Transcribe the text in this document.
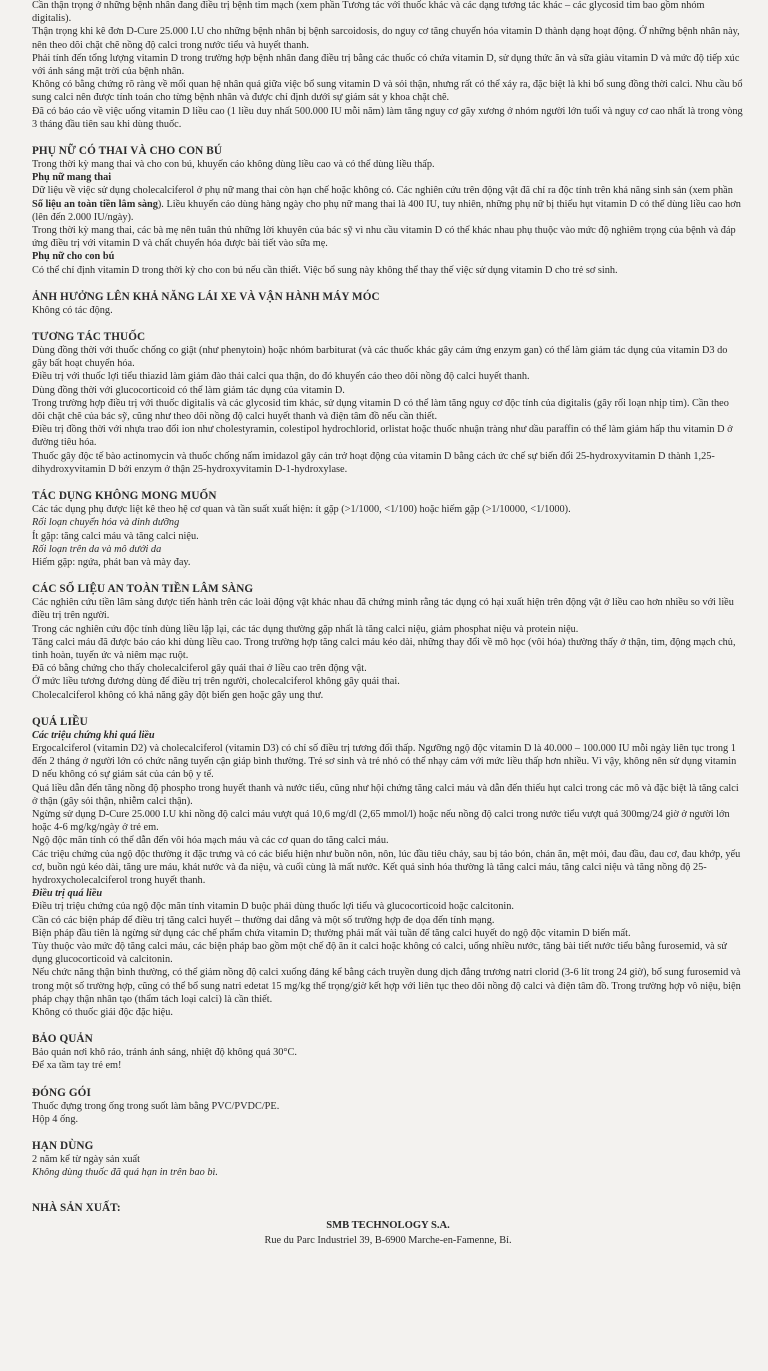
Cần thận trọng ở những bệnh nhân đang điều trị bệnh tim mạch (xem phần Tương tác với thuốc khác và các dạng tương tác khác – các glycosid tim bao gồm nhóm digitalis).

Thận trọng khi kê đơn D-Cure 25.000 I.U cho những bệnh nhân bị bệnh sarcoidosis, do nguy cơ tăng chuyển hóa vitamin D thành dạng hoạt động. Ở những bệnh nhân này, nên theo dõi chặt chẽ nồng độ calci trong nước tiểu và huyết thanh.

Phải tính đến tổng lượng vitamin D trong trường hợp bệnh nhân đang điều trị bằng các thuốc có chứa vitamin D, sử dụng thức ăn và sữa giàu vitamin D và mức độ tiếp xúc với ánh sáng mặt trời của bệnh nhân.

Không có bằng chứng rõ ràng về mối quan hệ nhân quả giữa việc bổ sung vitamin D và sỏi thận, nhưng rất có thể xảy ra, đặc biệt là khi bổ sung đồng thời calci. Nhu cầu bổ sung calci nên được tính toán cho từng bệnh nhân và được chỉ định dưới sự giám sát y khoa chặt chẽ.

Đã có báo cáo về việc uống vitamin D liều cao (1 liều duy nhất 500.000 IU mỗi năm) làm tăng nguy cơ gãy xương ở nhóm người lớn tuổi và nguy cơ cao nhất là trong vòng 3 tháng đầu tiên sau khi dùng thuốc.

PHỤ NỮ CÓ THAI VÀ CHO CON BÚ

Trong thời kỳ mang thai và cho con bú, khuyến cáo không dùng liều cao và có thể dùng liều thấp.

Phụ nữ mang thai

Dữ liệu về việc sử dụng cholecalciferol ở phụ nữ mang thai còn hạn chế hoặc không có. Các nghiên cứu trên động vật đã chỉ ra độc tính trên khả năng sinh sản (xem phần Số liệu an toàn tiền lâm sàng). Liều khuyến cáo dùng hàng ngày cho phụ nữ mang thai là 400 IU, tuy nhiên, những phụ nữ bị thiếu hụt vitamin D có thể dùng liều cao hơn (lên đến 2.000 IU/ngày).

Trong thời kỳ mang thai, các bà mẹ nên tuân thủ những lời khuyên của bác sỹ vì nhu cầu vitamin D có thể khác nhau phụ thuộc vào mức độ nghiêm trọng của bệnh và đáp ứng điều trị với vitamin D và chất chuyển hóa được bài tiết vào sữa mẹ.

Phụ nữ cho con bú

Có thể chỉ định vitamin D trong thời kỳ cho con bú nếu cần thiết. Việc bổ sung này không thể thay thế việc sử dụng vitamin D cho trẻ sơ sinh.

ẢNH HƯỞNG LÊN KHẢ NĂNG LÁI XE VÀ VẬN HÀNH MÁY MÓC

Không có tác động.

TƯƠNG TÁC THUỐC

Dùng đồng thời với thuốc chống co giật (như phenytoin) hoặc nhóm barbiturat (và các thuốc khác gây cảm ứng enzym gan) có thể làm giảm tác dụng của vitamin D3 do gây bất hoạt chuyển hóa.

Điều trị với thuốc lợi tiểu thiazid làm giảm đào thải calci qua thận, do đó khuyến cáo theo dõi nồng độ calci huyết thanh.

Dùng đồng thời với glucocorticoid có thể làm giảm tác dụng của vitamin D.

Trong trường hợp điều trị với thuốc digitalis và các glycosid tim khác, sử dụng vitamin D có thể làm tăng nguy cơ độc tính của digitalis (gây rối loạn nhịp tim). Cần theo dõi chặt chẽ của bác sỹ, cũng như theo dõi nồng độ calci huyết thanh và điện tâm đồ nếu cần thiết.

Điều trị đồng thời với nhựa trao đổi ion như cholestyramin, colestipol hydrochlorid, orlistat hoặc thuốc nhuận tràng như dầu paraffin có thể làm giảm hấp thu vitamin D ở đường tiêu hóa.

Thuốc gây độc tế bào actinomycin và thuốc chống nấm imidazol gây cản trở hoạt động của vitamin D bằng cách ức chế sự biến đổi 25-hydroxyvitamin D thành 1,25-dihydroxyvitamin D bởi enzym ở thận 25-hydroxyvitamin D-1-hydroxylase.

TÁC DỤNG KHÔNG MONG MUỐN

Các tác dụng phụ được liệt kê theo hệ cơ quan và tần suất xuất hiện: ít gặp (>1/1000, <1/100) hoặc hiếm gặp (>1/10000, <1/1000).

Rối loạn chuyển hóa và dinh dưỡng

Ít gặp: tăng calci máu và tăng calci niệu.

Rối loạn trên da và mô dưới da

Hiếm gặp: ngứa, phát ban và mày đay.

CÁC SỐ LIỆU AN TOÀN TIỀN LÂM SÀNG

Các nghiên cứu tiền lâm sàng được tiến hành trên các loài động vật khác nhau đã chứng minh rằng tác dụng có hại xuất hiện trên động vật ở liều cao hơn nhiều so với liều điều trị trên người.

Trong các nghiên cứu độc tính dùng liều lặp lại, các tác dụng thường gặp nhất là tăng calci niệu, giảm phosphat niệu và protein niệu.

Tăng calci máu đã được báo cáo khi dùng liều cao. Trong trường hợp tăng calci máu kéo dài, những thay đổi về mô học (vôi hóa) thường thấy ở thận, tim, động mạch chủ, tinh hoàn, tuyến ức và niêm mạc ruột.

Đã có bằng chứng cho thấy cholecalciferol gây quái thai ở liều cao trên động vật.

Ở mức liều tương đương dùng để điều trị trên người, cholecalciferol không gây quái thai.

Cholecalciferol không có khả năng gây đột biến gen hoặc gây ung thư.

QUÁ LIỀU

Các triệu chứng khi quá liều

Ergocalciferol (vitamin D2) và cholecalciferol (vitamin D3) có chỉ số điều trị tương đối thấp. Ngưỡng ngộ độc vitamin D là 40.000 – 100.000 IU mỗi ngày liên tục trong 1 đến 2 tháng ở người lớn có chức năng tuyến cận giáp bình thường. Trẻ sơ sinh và trẻ nhỏ có thể nhạy cảm với mức liều thấp hơn nhiều. Vì vậy, không nên sử dụng vitamin D nếu không có sự giám sát của cán bộ y tế.

Quá liều dẫn đến tăng nồng độ phospho trong huyết thanh và nước tiểu, cũng như hội chứng tăng calci máu và dẫn đến thiếu hụt calci trong các mô và đặc biệt là tăng calci ở thận (gây sỏi thận, nhiễm calci thận).

Ngừng sử dụng D-Cure 25.000 I.U khi nồng độ calci máu vượt quá 10,6 mg/dl (2,65 mmol/l) hoặc nếu nồng độ calci trong nước tiểu vượt quá 300mg/24 giờ ở người lớn hoặc 4-6 mg/kg/ngày ở trẻ em.

Ngộ độc mãn tính có thể dẫn đến vôi hóa mạch máu và các cơ quan do tăng calci máu.

Các triệu chứng của ngộ độc thường ít đặc trưng và có các biểu hiện như buồn nôn, nôn, lúc đầu tiêu chảy, sau bị táo bón, chán ăn, mệt mỏi, đau đầu, đau cơ, đau khớp, yếu cơ, buồn ngủ kéo dài, tăng ure máu, khát nước và đa niệu, và cuối cùng là mất nước. Kết quả sinh hóa thường là tăng calci máu, tăng calci niệu và tăng nồng độ 25-hydroxycholecalciferol trong huyết thanh.

Điều trị quá liều

Điều trị triệu chứng của ngộ độc mãn tính vitamin D buộc phải dùng thuốc lợi tiểu và glucocorticoid hoặc calcitonin.

Cần có các biện pháp để điều trị tăng calci huyết – thường dai dẳng và một số trường hợp đe dọa đến tính mạng.

Biện pháp đầu tiên là ngừng sử dụng các chế phẩm chứa vitamin D; thường phải mất vài tuần để tăng calci huyết do ngộ độc vitamin D biến mất.

Tùy thuộc vào mức độ tăng calci máu, các biện pháp bao gồm một chế độ ăn ít calci hoặc không có calci, uống nhiều nước, tăng bài tiết nước tiểu bằng furosemid, và sử dụng glucocorticoid và calcitonin.

Nếu chức năng thận bình thường, có thể giảm nồng độ calci xuống đáng kể bằng cách truyền dung dịch đẳng trương natri clorid (3-6 lít trong 24 giờ), bổ sung furosemid và trong một số trường hợp, cũng có thể bổ sung natri edetat 15 mg/kg thể trọng/giờ kết hợp với liên tục theo dõi nồng độ calci và điện tâm đồ. Trong trường hợp vô niệu, biện pháp chạy thận nhân tạo (thẩm tách loại calci) là cần thiết.

Không có thuốc giải độc đặc hiệu.

BẢO QUẢN

Bảo quản nơi khô ráo, tránh ánh sáng, nhiệt độ không quá 30°C.

Để xa tầm tay trẻ em!

ĐÓNG GÓI

Thuốc đựng trong ống trong suốt làm bằng PVC/PVDC/PE.

Hộp 4 ống.

HẠN DÙNG

2 năm kể từ ngày sản xuất

Không dùng thuốc đã quá hạn in trên bao bì.

NHÀ SẢN XUẤT:

SMB TECHNOLOGY S.A.
Rue du Parc Industriel 39, B-6900 Marche-en-Famenne, Bỉ.
